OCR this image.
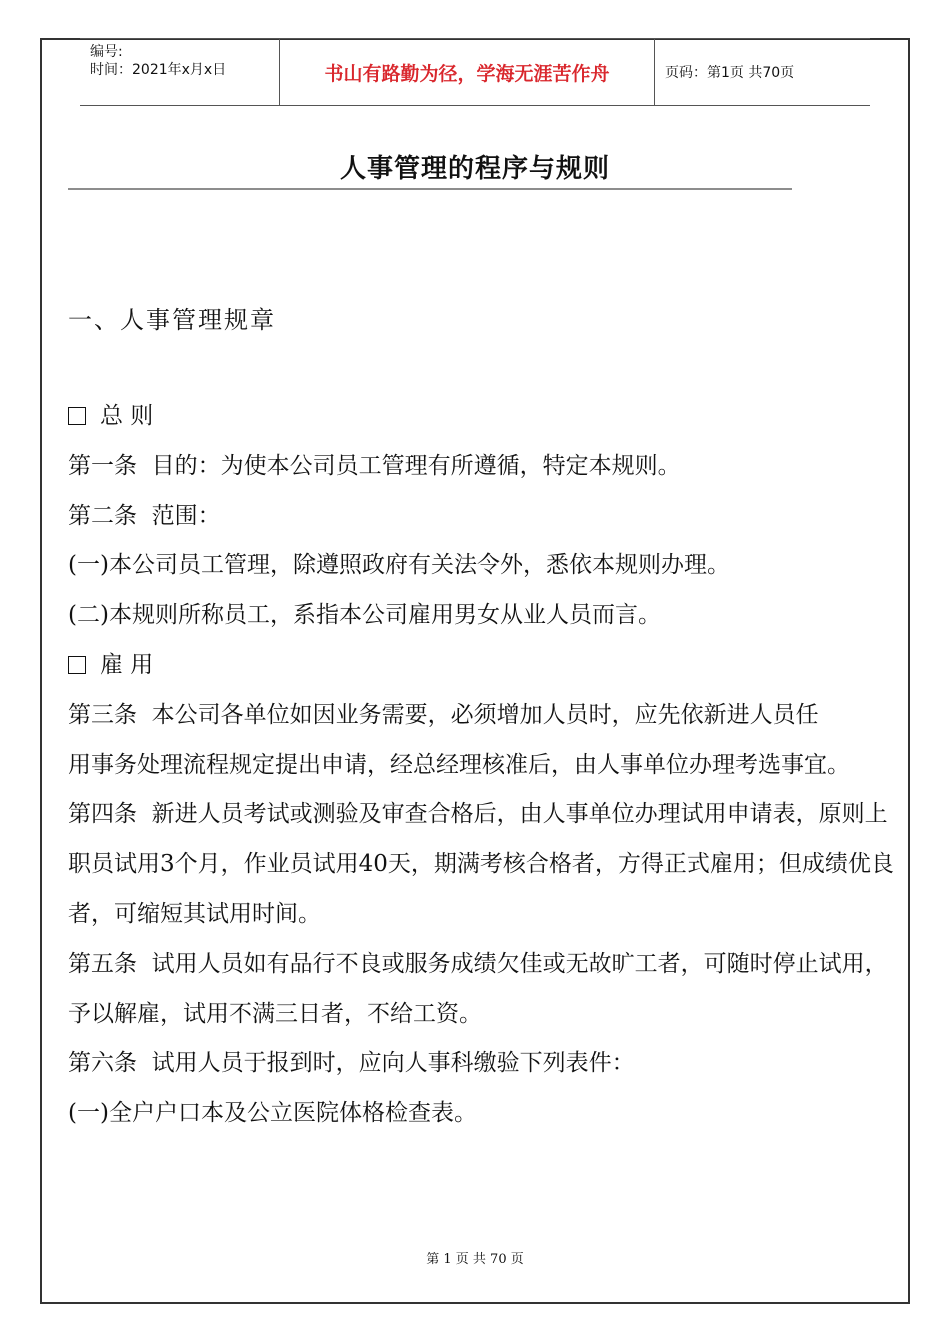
编号:
时间：2021年x月x日	书山有路勤为径，学海无涯苦作舟	页码：第1页 共70页
人事管理的程序与规则
一、人事管理规章

总 则

第一条  目的：为使本公司员工管理有所遵循，特定本规则。

第二条  范围：

(一)本公司员工管理，除遵照政府有关法令外，悉依本规则办理。

(二)本规则所称员工，系指本公司雇用男女从业人员而言。

雇 用

第三条  本公司各单位如因业务需要，必须增加人员时，应先依新进人员任

用事务处理流程规定提出申请，经总经理核准后，由人事单位办理考选事宜。

第四条  新进人员考试或测验及审查合格后，由人事单位办理试用申请表，原则上职员试用3个月，作业员试用40天，期满考核合格者，方得正式雇用；但成绩优良者，可缩短其试用时间。

第五条  试用人员如有品行不良或服务成绩欠佳或无故旷工者，可随时停止试用，予以解雇，试用不满三日者，不给工资。

第六条  试用人员于报到时，应向人事科缴验下列表件：

(一)全户户口本及公立医院体格检查表。

第 1 页 共 70 页
